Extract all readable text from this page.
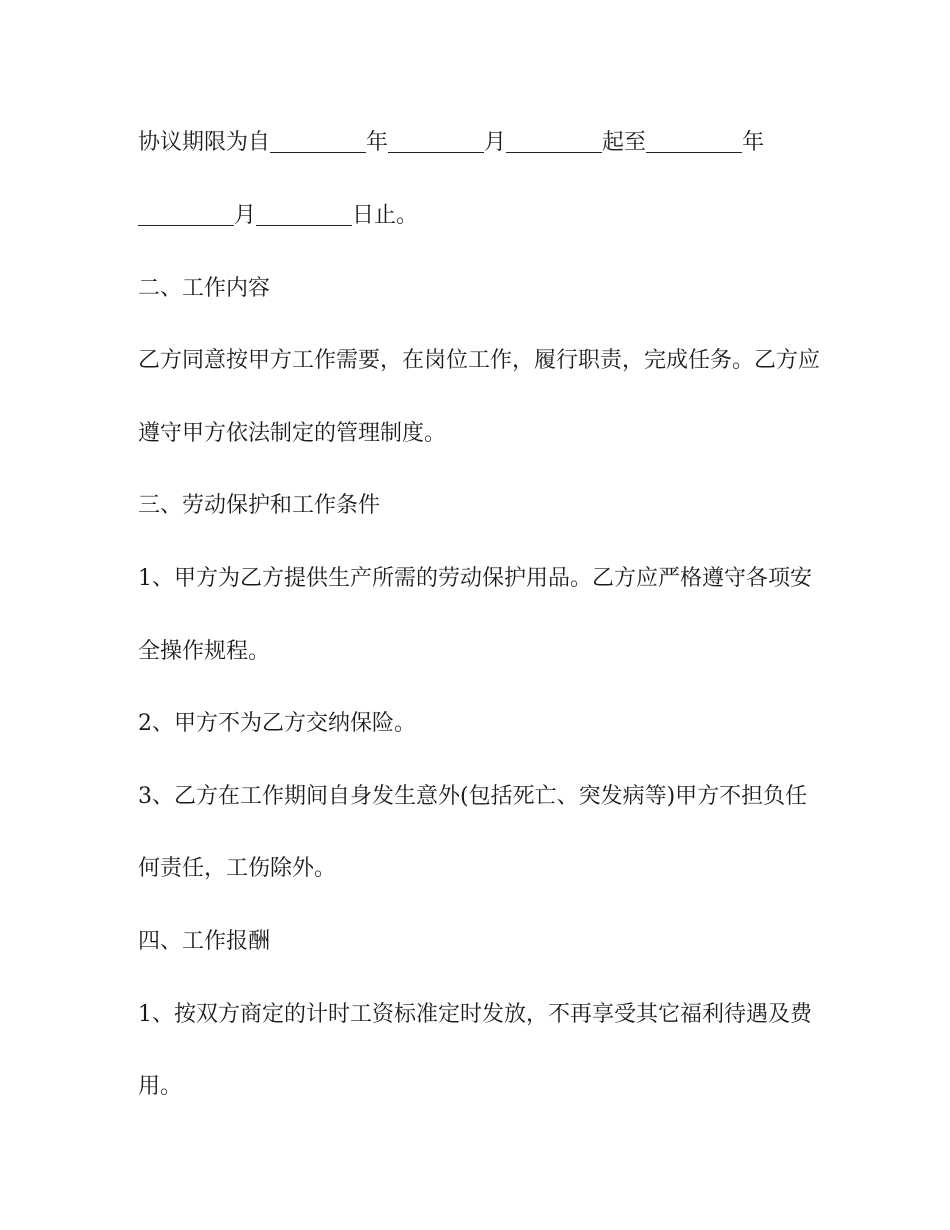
协议期限为自	年	月	起至	年
月	日止。
二、工作内容
乙方同意按甲方工作需要，在岗位工作，履行职责，完成任务。乙方应
遵守甲方依法制定的管理制度。
三、劳动保护和工作条件
1、甲方为乙方提供生产所需的劳动保护用品。乙方应严格遵守各项安
全操作规程。
2、甲方不为乙方交纳保险。
3、乙方在工作期间自身发生意外(包括死亡、突发病等)甲方不担负任
何责任，工伤除外。
四、工作报酬
1、按双方商定的计时工资标准定时发放，不再享受其它福利待遇及费
用。
